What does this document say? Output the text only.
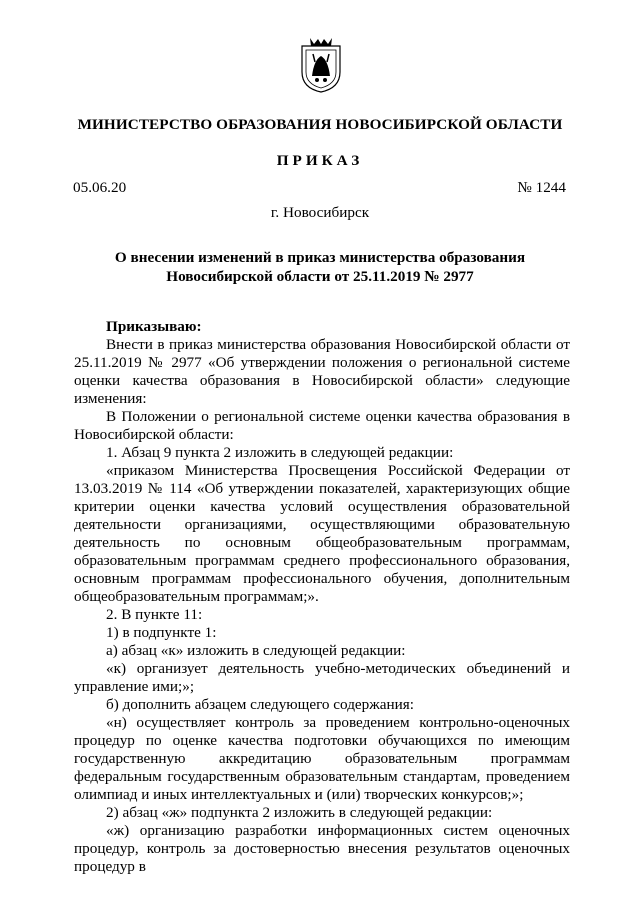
МИНИСТЕРСТВО ОБРАЗОВАНИЯ НОВОСИБИРСКОЙ ОБЛАСТИ
ПРИКАЗ
05.06.20	№ 1244
г. Новосибирск
О внесении изменений в приказ министерства образования Новосибирской области от 25.11.2019 № 2977

Приказываю:

Внести в приказ министерства образования Новосибирской области от 25.11.2019 № 2977 «Об утверждении положения о региональной системе оценки качества образования в Новосибирской области» следующие изменения:

В Положении о региональной системе оценки качества образования в Новосибирской области:

1. Абзац 9 пункта 2 изложить в следующей редакции:

«приказом Министерства Просвещения Российской Федерации от 13.03.2019 № 114 «Об утверждении показателей, характеризующих общие критерии оценки качества условий осуществления образовательной деятельности организациями, осуществляющими образовательную деятельность по основным общеобразовательным программам, образовательным программам среднего профессионального образования, основным программам профессионального обучения, дополнительным общеобразовательным программам;».

2. В пункте 11:

1) в подпункте 1:

а) абзац «к» изложить в следующей редакции:

«к) организует деятельность учебно-методических объединений и управление ими;»;

б) дополнить абзацем следующего содержания:

«н) осуществляет контроль за проведением контрольно-оценочных процедур по оценке качества подготовки обучающихся по имеющим государственную аккредитацию образовательным программам федеральным государственным образовательным стандартам, проведением олимпиад и иных интеллектуальных и (или) творческих конкурсов;»;

2) абзац «ж» подпункта 2 изложить в следующей редакции:

«ж) организацию разработки информационных систем оценочных процедур, контроль за достоверностью внесения результатов оценочных процедур в
